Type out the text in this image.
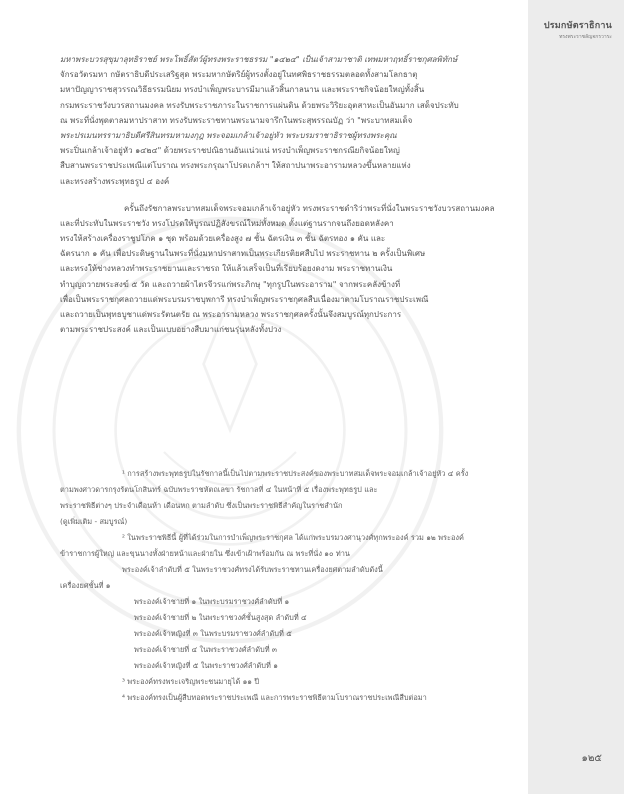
ปรมกษัตราธิกาน
ทรงพระราชลัญจกรวาระ
มหาพระบวรสุขุมาลุทธิราชย์ พระโพธิ์สัตว์ผู้ทรงพระราชธรรม "๑๔๒๔" เป็นเจ้าสามาชาติ เทพมหาฤทธิ์ราชกุศลพิทักษ์
จักรอวัตรมหา กษัตราธิบดีประเสริฐสุด พระมหากษัตริย์ผู้ทรงตั้งอยู่ในทศพิธราชธรรมตลอดทั้งสามโลกธาตุ
มหาปัญญาราชสุวรรณวิธีธรรมนิยม ทรงบำเพ็ญพระบารมีมาแล้วสิ้นกาลนาน และพระราชกิจน้อยใหญ่ทั้งสิ้น
กรมพระราชวังบวรสถานมงคล ทรงรับพระราชภาระในราชการแผ่นดิน ด้วยพระวิริยะอุตสาหะเป็นอันมาก เสด็จประทับ
ณ พระที่นั่งพุดตาลมหาปราสาท ทรงรับพระราชทานพระนามจารึกในพระสุพรรณบัฏ ว่า "พระบาทสมเด็จ
พระปรเมนทรรามาธิบดีศรีสินทรมหามงกุฎ พระจอมเกล้าเจ้าอยู่หัว พระบรมราชาธิราชผู้ทรงพระคุณ
พระปิ่นเกล้าเจ้าอยู่หัว ๑๔๒๔" ด้วยพระราชปณิธานอันแน่วแน่ ทรงบำเพ็ญพระราชกรณียกิจน้อยใหญ่
สืบสานพระราชประเพณีแต่โบราณ ทรงพระกรุณาโปรดเกล้าฯ ให้สถาปนาพระอารามหลวงขึ้นหลายแห่ง
และทรงสร้างพระพุทธรูป ๔ องค์
ครั้นถึงรัชกาลพระบาทสมเด็จพระจอมเกล้าเจ้าอยู่หัว ทรงพระราชดำริว่าพระที่นั่งในพระราชวังบวรสถานมงคล
และที่ประทับในพระราชวัง ทรงโปรดให้บูรณปฏิสังขรณ์ใหม่ทั้งหมด ตั้งแต่ฐานรากจนถึงยอดหลังคา
ทรงให้สร้างเครื่องราชูปโภค ๑ ชุด พร้อมด้วยเครื่องสูง ๗ ชั้น ฉัตรเงิน ๓ ชั้น ฉัตรทอง ๑ คัน และ
ฉัตรนาก ๑ คัน เพื่อประดิษฐานในพระที่นั่งมหาปราสาทเป็นพระเกียรติยศสืบไป พระราชทาน ๒ ครั้งเป็นพิเศษ
และทรงให้ช่างหลวงทำพระราชยานและราชรถ ให้แล้วเสร็จเป็นที่เรียบร้อยงดงาม พระราชทานเงิน
ทำบุญถวายพระสงฆ์ ๕ วัด และถวายผ้าไตรจีวรแก่พระภิกษุ "ทุกรูปในพระอาราม" จากพระคลังข้างที่
เพื่อเป็นพระราชกุศลถวายแด่พระบรมราชบุพการี ทรงบำเพ็ญพระราชกุศลสืบเนื่องมาตามโบราณราชประเพณี
และถวายเป็นพุทธบูชาแด่พระรัตนตรัย ณ พระอารามหลวง พระราชกุศลครั้งนั้นจึงสมบูรณ์ทุกประการ
ตามพระราชประสงค์ และเป็นแบบอย่างสืบมาแก่ชนรุ่นหลังทั้งปวง
¹ การสร้างพระพุทธรูปในรัชกาลนี้เป็นไปตามพระราชประสงค์ของพระบาทสมเด็จพระจอมเกล้าเจ้าอยู่หัว ๔ ครั้ง
ตามพงศาวดารกรุงรัตนโกสินทร์ ฉบับพระราชหัตถเลขา รัชกาลที่ ๔ ในหน้าที่ ๕ เรื่องพระพุทธรูป และ
พระราชพิธีต่างๆ ประจำเดือนห้า เดือนหก ตามลำดับ ซึ่งเป็นพระราชพิธีสำคัญในราชสำนัก
(ดูเพิ่มเติม - สมบูรณ์)
² ในพระราชพิธีนี้ ผู้ที่ได้ร่วมในการบำเพ็ญพระราชกุศล ได้แก่พระบรมวงศานุวงศ์ทุกพระองค์ รวม ๑๒ พระองค์
ข้าราชการผู้ใหญ่ และขุนนางทั้งฝ่ายหน้าและฝ่ายใน ซึ่งเข้าเฝ้าพร้อมกัน ณ พระที่นั่ง ๑๐ ท่าน
พระองค์เจ้าลำดับที่ ๕ ในพระราชวงศ์ทรงได้รับพระราชทานเครื่องยศตามลำดับดังนี้
เครื่องยศชั้นที่ ๑
พระองค์เจ้าชายที่ ๑ ในพระบรมราชวงศ์ลำดับที่ ๑
พระองค์เจ้าชายที่ ๒ ในพระราชวงศ์ชั้นสูงสุด ลำดับที่ ๔
พระองค์เจ้าหญิงที่ ๓ ในพระบรมราชวงศ์ลำดับที่ ๕
พระองค์เจ้าชายที่ ๔ ในพระราชวงศ์ลำดับที่ ๓
พระองค์เจ้าหญิงที่ ๕ ในพระราชวงศ์ลำดับที่ ๑
³ พระองค์ทรงพระเจริญพระชนมายุได้ ๑๑ ปี
⁴ พระองค์ทรงเป็นผู้สืบทอดพระราชประเพณี และการพระราชพิธีตามโบราณราชประเพณีสืบต่อมา
๑๒๕
